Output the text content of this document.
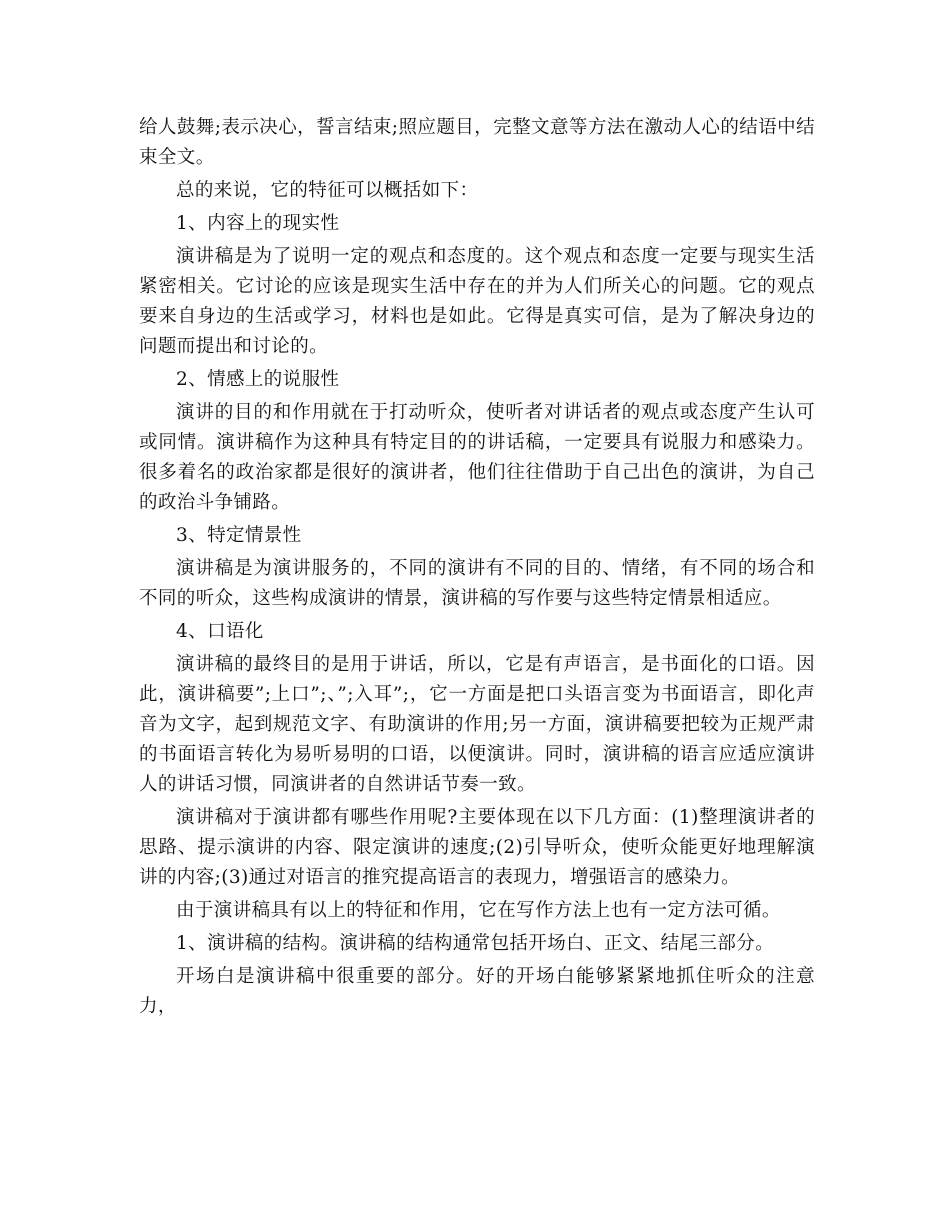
给人鼓舞;表示决心，誓言结束;照应题目，完整文意等方法在激动人心的结语中结束全文。

总的来说，它的特征可以概括如下：

1、内容上的现实性

演讲稿是为了说明一定的观点和态度的。这个观点和态度一定要与现实生活紧密相关。它讨论的应该是现实生活中存在的并为人们所关心的问题。它的观点要来自身边的生活或学习，材料也是如此。它得是真实可信，是为了解决身边的问题而提出和讨论的。

2、情感上的说服性

演讲的目的和作用就在于打动听众，使听者对讲话者的观点或态度产生认可或同情。演讲稿作为这种具有特定目的的讲话稿，一定要具有说服力和感染力。很多着名的政治家都是很好的演讲者，他们往往借助于自己出色的演讲，为自己的政治斗争铺路。

3、特定情景性

演讲稿是为演讲服务的，不同的演讲有不同的目的、情绪，有不同的场合和不同的听众，这些构成演讲的情景，演讲稿的写作要与这些特定情景相适应。

4、口语化

演讲稿的最终目的是用于讲话，所以，它是有声语言，是书面化的口语。因此，演讲稿要”;上口”;、”;入耳”;，它一方面是把口头语言变为书面语言，即化声音为文字，起到规范文字、有助演讲的作用;另一方面，演讲稿要把较为正规严肃的书面语言转化为易听易明的口语，以便演讲。同时，演讲稿的语言应适应演讲人的讲话习惯，同演讲者的自然讲话节奏一致。

演讲稿对于演讲都有哪些作用呢?主要体现在以下几方面：(1)整理演讲者的思路、提示演讲的内容、限定演讲的速度;(2)引导听众，使听众能更好地理解演讲的内容;(3)通过对语言的推究提高语言的表现力，增强语言的感染力。

由于演讲稿具有以上的特征和作用，它在写作方法上也有一定方法可循。

1、演讲稿的结构。演讲稿的结构通常包括开场白、正文、结尾三部分。

开场白是演讲稿中很重要的部分。好的开场白能够紧紧地抓住听众的注意力，
